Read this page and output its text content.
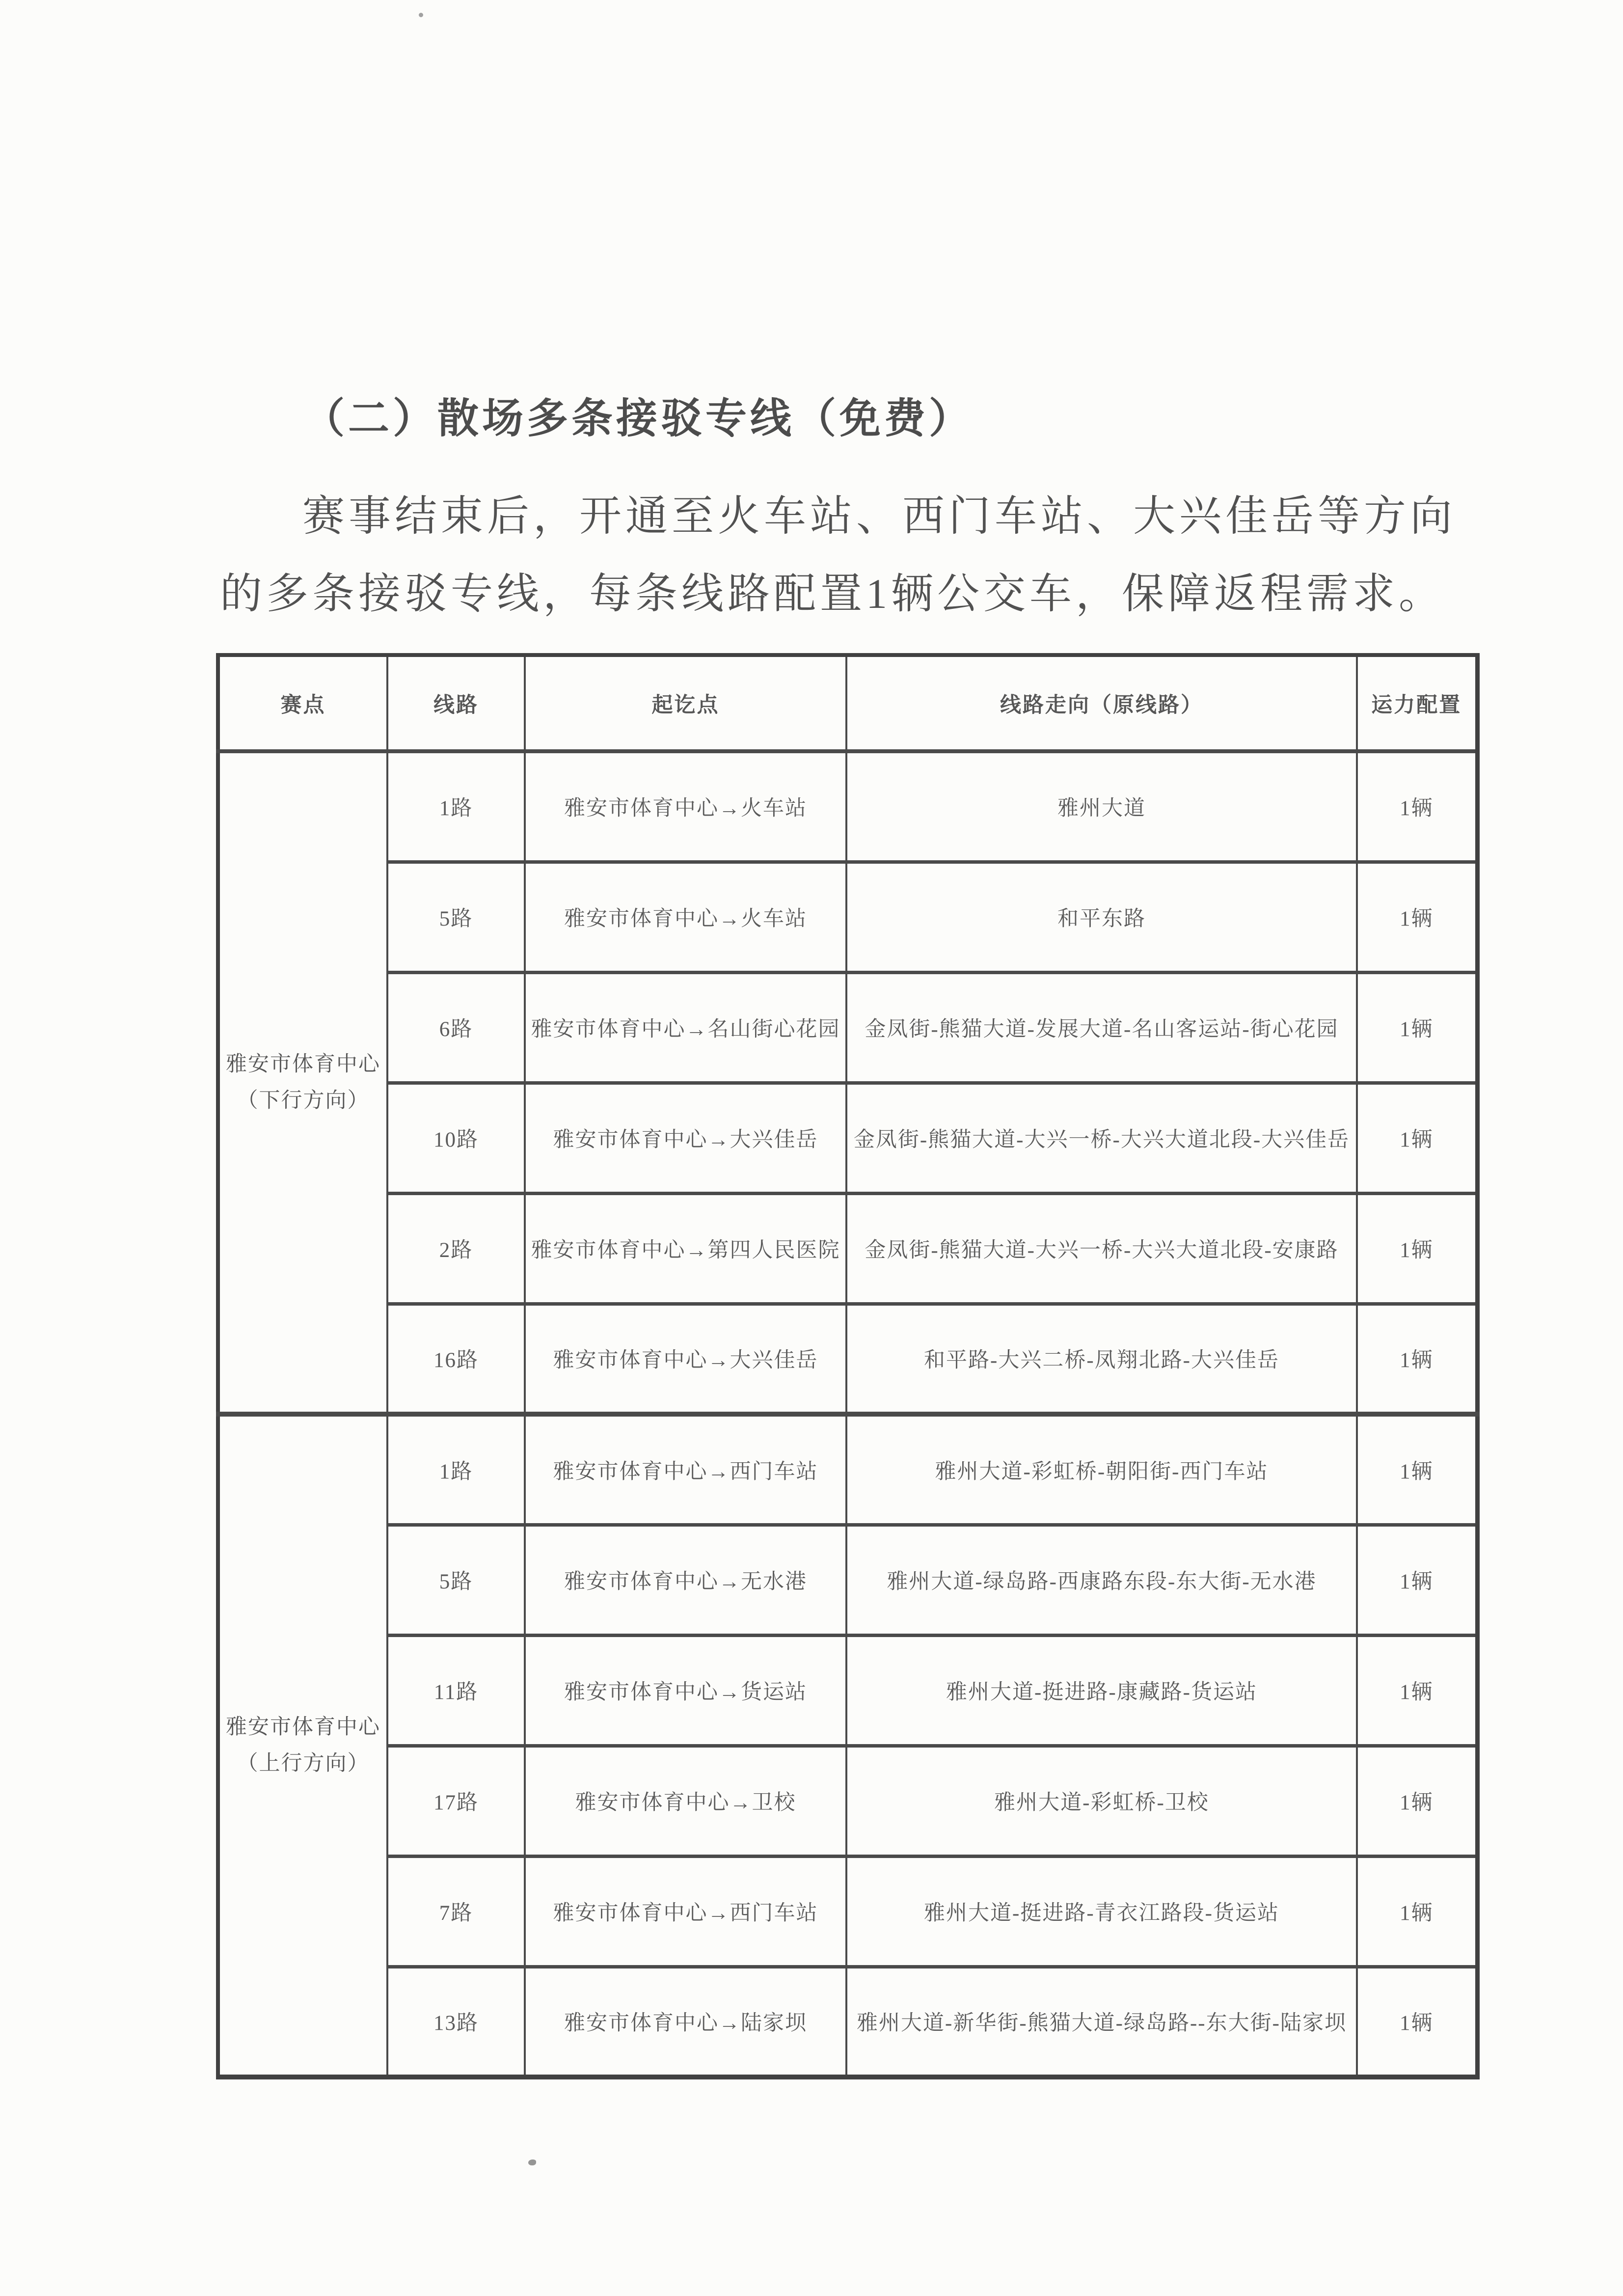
（二）散场多条接驳专线（免费）

赛事结束后，开通至火车站、西门车站、大兴佳岳等方向
的多条接驳专线，每条线路配置1辆公交车，保障返程需求。

赛点	线路	起讫点	线路走向（原线路）	运力配置

雅安市体育中心
（下行方向）	1路	雅安市体育中心→火车站	雅州大道	1辆
	5路	雅安市体育中心→火车站	和平东路	1辆
	6路	雅安市体育中心→名山街心花园	金凤街-熊猫大道-发展大道-名山客运站-街心花园	1辆
	10路	雅安市体育中心→大兴佳岳	金凤街-熊猫大道-大兴一桥-大兴大道北段-大兴佳岳	1辆
	2路	雅安市体育中心→第四人民医院	金凤街-熊猫大道-大兴一桥-大兴大道北段-安康路	1辆
	16路	雅安市体育中心→大兴佳岳	和平路-大兴二桥-凤翔北路-大兴佳岳	1辆

雅安市体育中心
（上行方向）	1路	雅安市体育中心→西门车站	雅州大道-彩虹桥-朝阳街-西门车站	1辆
	5路	雅安市体育中心→无水港	雅州大道-绿岛路-西康路东段-东大街-无水港	1辆
	11路	雅安市体育中心→货运站	雅州大道-挺进路-康藏路-货运站	1辆
	17路	雅安市体育中心→卫校	雅州大道-彩虹桥-卫校	1辆
	7路	雅安市体育中心→西门车站	雅州大道-挺进路-青衣江路段-货运站	1辆
	13路	雅安市体育中心→陆家坝	雅州大道-新华街-熊猫大道-绿岛路--东大街-陆家坝	1辆
